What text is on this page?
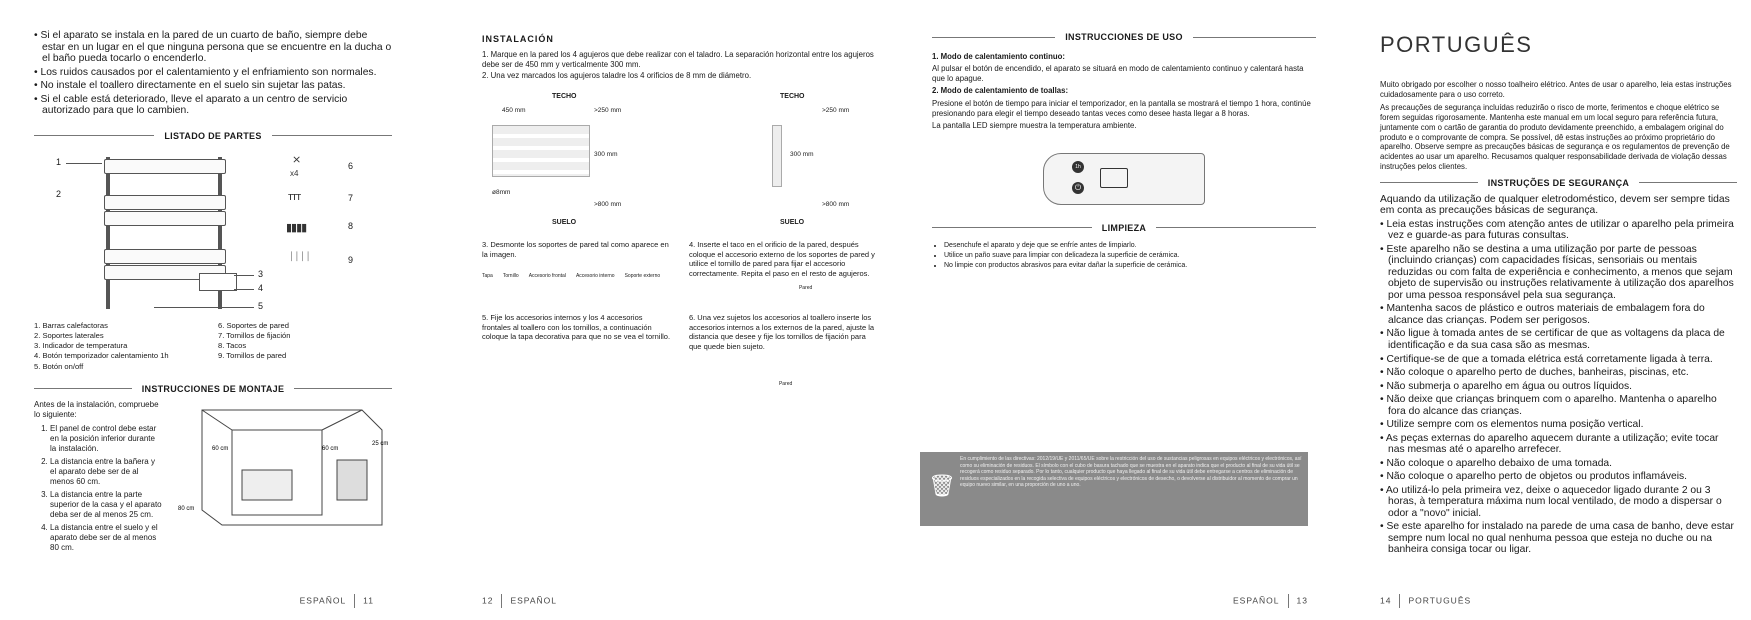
• Si el aparato se instala en la pared de un cuarto de baño, siempre debe estar en un lugar en el que ninguna persona que se encuentre en la ducha o el baño pueda tocarlo o encenderlo.
• Los ruidos causados por el calentamiento y el enfriamiento son normales.
• No instale el toallero directamente en el suelo sin sujetar las patas.
• Si el cable está deteriorado, lleve el aparato a un centro de servicio autorizado para que lo cambien.
LISTADO DE PARTES
1
2
3
4
5
⨯
x4
6
ттт	7
▮▮▮▮	8
ᛁᛁᛁᛁ	9
1. Barras calefactoras
2. Soportes laterales
3. Indicador de temperatura
4. Botón temporizador calentamiento 1h
5. Botón on/off
6. Soportes de pared
7. Tornillos de fijación
8. Tacos
9. Tornillos de pared
INSTRUCCIONES DE MONTAJE
Antes de la instalación, compruebe lo siguiente:
1. El panel de control debe estar en la posición inferior durante la instalación.
2. La distancia entre la bañera y el aparato debe ser de al menos 60 cm.
3. La distancia entre la parte superior de la casa y el aparato deba ser de al menos 25 cm.
4. La distancia entre el suelo y el aparato debe ser de al menos 80 cm.
60 cm	60 cm
25 cm
80 cm
ESPAÑOL 11
INSTALACIÓN
1. Marque en la pared los 4 agujeros que debe realizar con el taladro. La separación horizontal entre los agujeros debe ser de 450 mm y verticalmente 300 mm.
2. Una vez marcados los agujeros taladre los 4 orificios de 8 mm de diámetro.
TECHO
SUELO
450 mm	>250 mm
300 mm
ø8mm
>800 mm
TECHO
SUELO
>250 mm
300 mm
>800 mm
3. Desmonte los soportes de pared tal como aparece en la imagen.
Tapa Tornillo Accesorio frontal Accesorio interno Soporte externo
4. Inserte el taco en el orificio de la pared, después coloque el accesorio externo de los soportes de pared y utilice el tornillo de pared para fijar el accesorio correctamente. Repita el paso en el resto de agujeros.
Pared
5. Fije los accesorios internos y los 4 accesorios frontales al toallero con los tornillos, a continuación coloque la tapa decorativa para que no se vea el tornillo.
6. Una vez sujetos los accesorios al toallero inserte los accesorios internos a los externos de la pared, ajuste la distancia que desee y fije los tornillos de fijación para que quede bien sujeto.
Pared
12 ESPAÑOL
INSTRUCCIONES DE USO

1. Modo de calentamiento continuo:

Al pulsar el botón de encendido, el aparato se situará en modo de calentamiento continuo y calentará hasta que lo apague.

2. Modo de calentamiento de toallas:

Presione el botón de tiempo para iniciar el temporizador, en la pantalla se mostrará el tiempo 1 hora, continúe presionando para elegir el tiempo deseado tantas veces como desee hasta llegar a 8 horas.

La pantalla LED siempre muestra la temperatura ambiente.

1h
⏻
LIMPIEZA
• Desenchufe el aparato y deje que se enfríe antes de limpiarlo.
• Utilice un paño suave para limpiar con delicadeza la superficie de cerámica.
• No limpie con productos abrasivos para evitar dañar la superficie de cerámica.
ESPAÑOL 13
🗑
En cumplimiento de las directivas: 2012/19/UE y 2011/65/UE sobre la restricción del uso de sustancias peligrosas en equipos eléctricos y electrónicos, así como su eliminación de residuos. El símbolo con el cubo de basura tachado que se muestra en el aparato indica que el producto al final de su vida útil se recogerá como residuo separado. Por lo tanto, cualquier producto que haya llegado al final de su vida útil debe entregarse a centros de eliminación de residuos especializados en la recogida selectiva de equipos eléctricos y electrónicos de desecho, o devolverse al distribuidor al momento de comprar un equipo nuevo similar, en una proporción de uno a uno.
PORTUGUÊS

Muito obrigado por escolher o nosso toalheiro elétrico. Antes de usar o aparelho, leia estas instruções cuidadosamente para o uso correto.

As precauções de segurança incluídas reduzirão o risco de morte, ferimentos e choque elétrico se forem seguidas rigorosamente. Mantenha este manual em um local seguro para referência futura, juntamente com o cartão de garantia do produto devidamente preenchido, a embalagem original do produto e o comprovante de compra. Se possível, dê estas instruções ao próximo proprietário do aparelho. Observe sempre as precauções básicas de segurança e os regulamentos de prevenção de acidentes ao usar um aparelho. Recusamos qualquer responsabilidade derivada de violação dessas instruções pelos clientes.

INSTRUÇÕES DE SEGURANÇA

Aquando da utilização de qualquer eletrodoméstico, devem ser sempre tidas em conta as precauções básicas de segurança.

• Leia estas instruções com atenção antes de utilizar o aparelho pela primeira vez e guarde-as para futuras consultas.
• Este aparelho não se destina a uma utilização por parte de pessoas (incluindo crianças) com capacidades físicas, sensoriais ou mentais reduzidas ou com falta de experiência e conhecimento, a menos que sejam objeto de supervisão ou instruções relativamente à utilização dos aparelhos por uma pessoa responsável pela sua segurança.
• Mantenha sacos de plástico e outros materiais de embalagem fora do alcance das crianças. Podem ser perigosos.
• Não ligue à tomada antes de se certificar de que as voltagens da placa de identificação e da sua casa são as mesmas.
• Certifique-se de que a tomada elétrica está corretamente ligada à terra.
• Não coloque o aparelho perto de duches, banheiras, piscinas, etc.
• Não submerja o aparelho em água ou outros líquidos.
• Não deixe que crianças brinquem com o aparelho. Mantenha o aparelho fora do alcance das crianças.
• Utilize sempre com os elementos numa posição vertical.
• As peças externas do aparelho aquecem durante a utilização; evite tocar nas mesmas até o aparelho arrefecer.
• Não coloque o aparelho debaixo de uma tomada.
• Não coloque o aparelho perto de objetos ou produtos inflamáveis.
• Ao utilizá-lo pela primeira vez, deixe o aquecedor ligado durante 2 ou 3 horas, à temperatura máxima num local ventilado, de modo a dispersar o odor a "novo" inicial.
• Se este aparelho for instalado na parede de uma casa de banho, deve estar sempre num local no qual nenhuma pessoa que esteja no duche ou na banheira consiga tocar ou ligar.
14 PORTUGUÊS
